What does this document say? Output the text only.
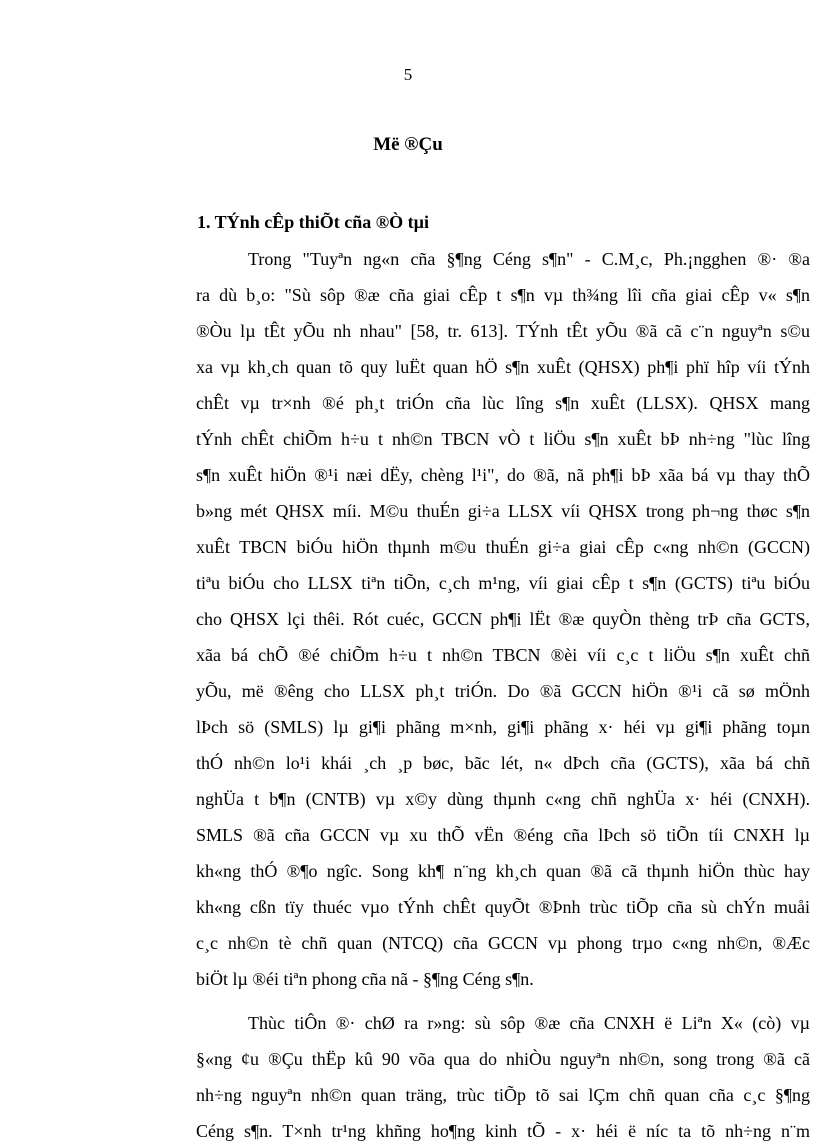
5
Më ®Çu
1. TÝnh cÊp thiÕt cña ®Ò tµi
Trong "Tuyªn ng«n cña §¶ng Céng s¶n" - C.M¸c, Ph.¡ngghen ®· ®a
ra dù b¸o: "Sù sôp ®æ cña giai cÊp t s¶n vµ th¾ng lîi cña giai cÊp v« s¶n
®Òu lµ tÊt yÕu nh nhau" [58, tr. 613]. TÝnh tÊt yÕu ®ã cã c¨n nguyªn s©u
xa vµ kh¸ch quan tõ quy luËt quan hÖ s¶n xuÊt (QHSX) ph¶i phï hîp víi tÝnh
chÊt vµ tr×nh ®é ph¸t triÓn cña lùc lîng s¶n xuÊt (LLSX). QHSX mang
tÝnh chÊt chiÕm h÷u t nh©n TBCN vÒ t liÖu s¶n xuÊt bÞ nh÷ng "lùc lîng
s¶n xuÊt hiÖn ®¹i næi dËy, chèng l¹i", do ®ã, nã ph¶i bÞ xãa bá vµ thay thÕ
b»ng mét QHSX míi. M©u thuÉn gi÷a LLSX víi QHSX trong ph¬ng thøc s¶n
xuÊt TBCN biÓu hiÖn thµnh m©u thuÉn gi÷a giai cÊp c«ng nh©n (GCCN)
tiªu biÓu cho LLSX tiªn tiÕn, c¸ch m¹ng, víi giai cÊp t s¶n (GCTS) tiªu biÓu
cho QHSX lçi thêi. Rót cuéc, GCCN ph¶i lËt ®æ quyÒn thèng trÞ cña GCTS,
xãa bá chÕ ®é chiÕm h÷u t nh©n TBCN ®èi víi c¸c t liÖu s¶n xuÊt chñ
yÕu, më ®êng cho LLSX ph¸t triÓn. Do ®ã GCCN hiÖn ®¹i cã sø mÖnh
lÞch sö (SMLS) lµ gi¶i phãng m×nh, gi¶i phãng x· héi vµ gi¶i phãng toµn
thÓ nh©n lo¹i khái ¸ch ¸p bøc, bãc lét, n« dÞch cña (GCTS), xãa bá chñ
nghÜa t b¶n (CNTB) vµ x©y dùng thµnh c«ng chñ nghÜa x· héi (CNXH).
SMLS ®ã cña GCCN vµ xu thÕ vËn ®éng cña lÞch sö tiÕn tíi CNXH lµ
kh«ng thÓ ®¶o ngîc. Song kh¶ n¨ng kh¸ch quan ®ã cã thµnh hiÖn thùc hay
kh«ng cßn tïy thuéc vµo tÝnh chÊt quyÕt ®Þnh trùc tiÕp cña sù chÝn muåi
c¸c nh©n tè chñ quan (NTCQ) cña GCCN vµ phong trµo c«ng nh©n, ®Æc
biÖt lµ ®éi tiªn phong cña nã - §¶ng Céng s¶n.
Thùc tiÔn ®· chØ ra r»ng: sù sôp ®æ cña CNXH ë Liªn X« (cò) vµ
§«ng ¢u ®Çu thËp kû 90 võa qua do nhiÒu nguyªn nh©n, song trong ®ã cã
nh÷ng nguyªn nh©n quan träng, trùc tiÕp tõ sai lÇm chñ quan cña c¸c §¶ng
Céng s¶n. T×nh tr¹ng khñng ho¶ng kinh tÕ - x· héi ë níc ta tõ nh÷ng n¨m
